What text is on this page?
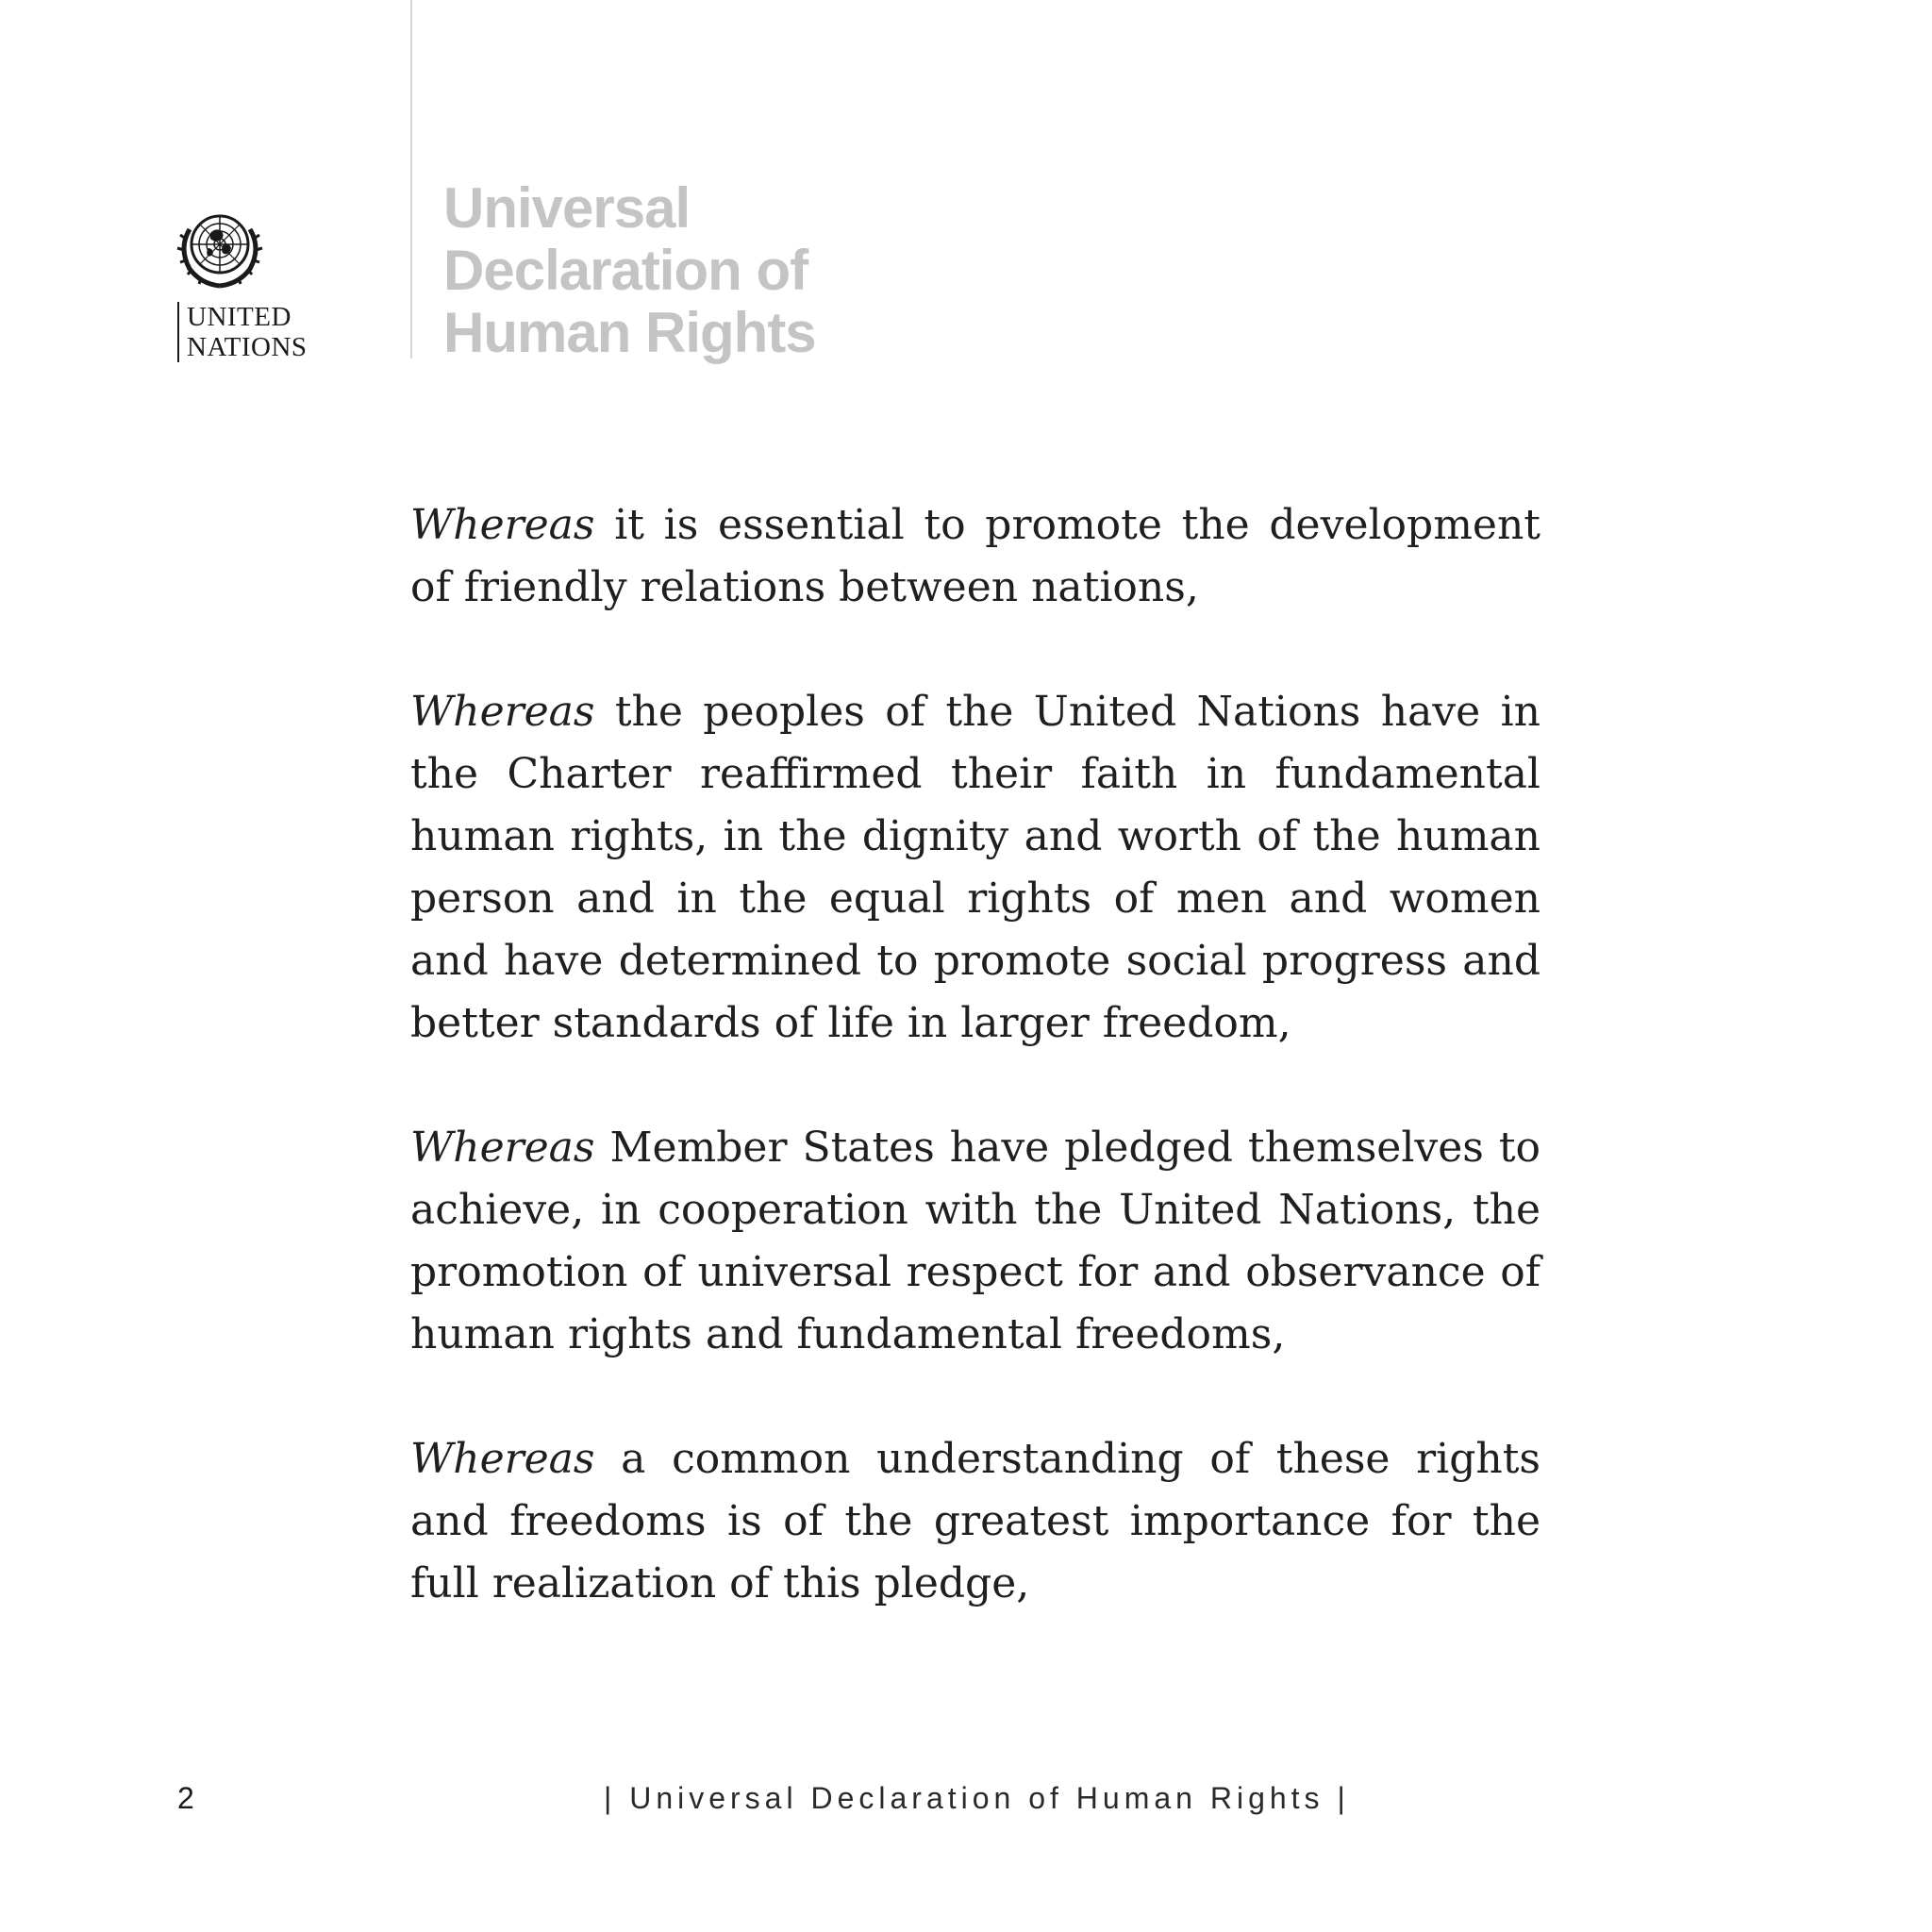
UNITED
NATIONS
Universal
Declaration of
Human Rights

Whereas it is essential to promote the development of friendly relations between nations,

Whereas the peoples of the United Nations have in the Charter reaffirmed their faith in fundamental human rights, in the dignity and worth of the human person and in the equal rights of men and women and have determined to promote social progress and better standards of life in larger freedom,

Whereas Member States have pledged themselves to achieve, in cooperation with the United Nations, the promotion of universal respect for and observance of human rights and fundamental freedoms,

Whereas a common understanding of these rights and freedoms is of the greatest importance for the full realization of this pledge,

2	| Universal Declaration of Human Rights |
